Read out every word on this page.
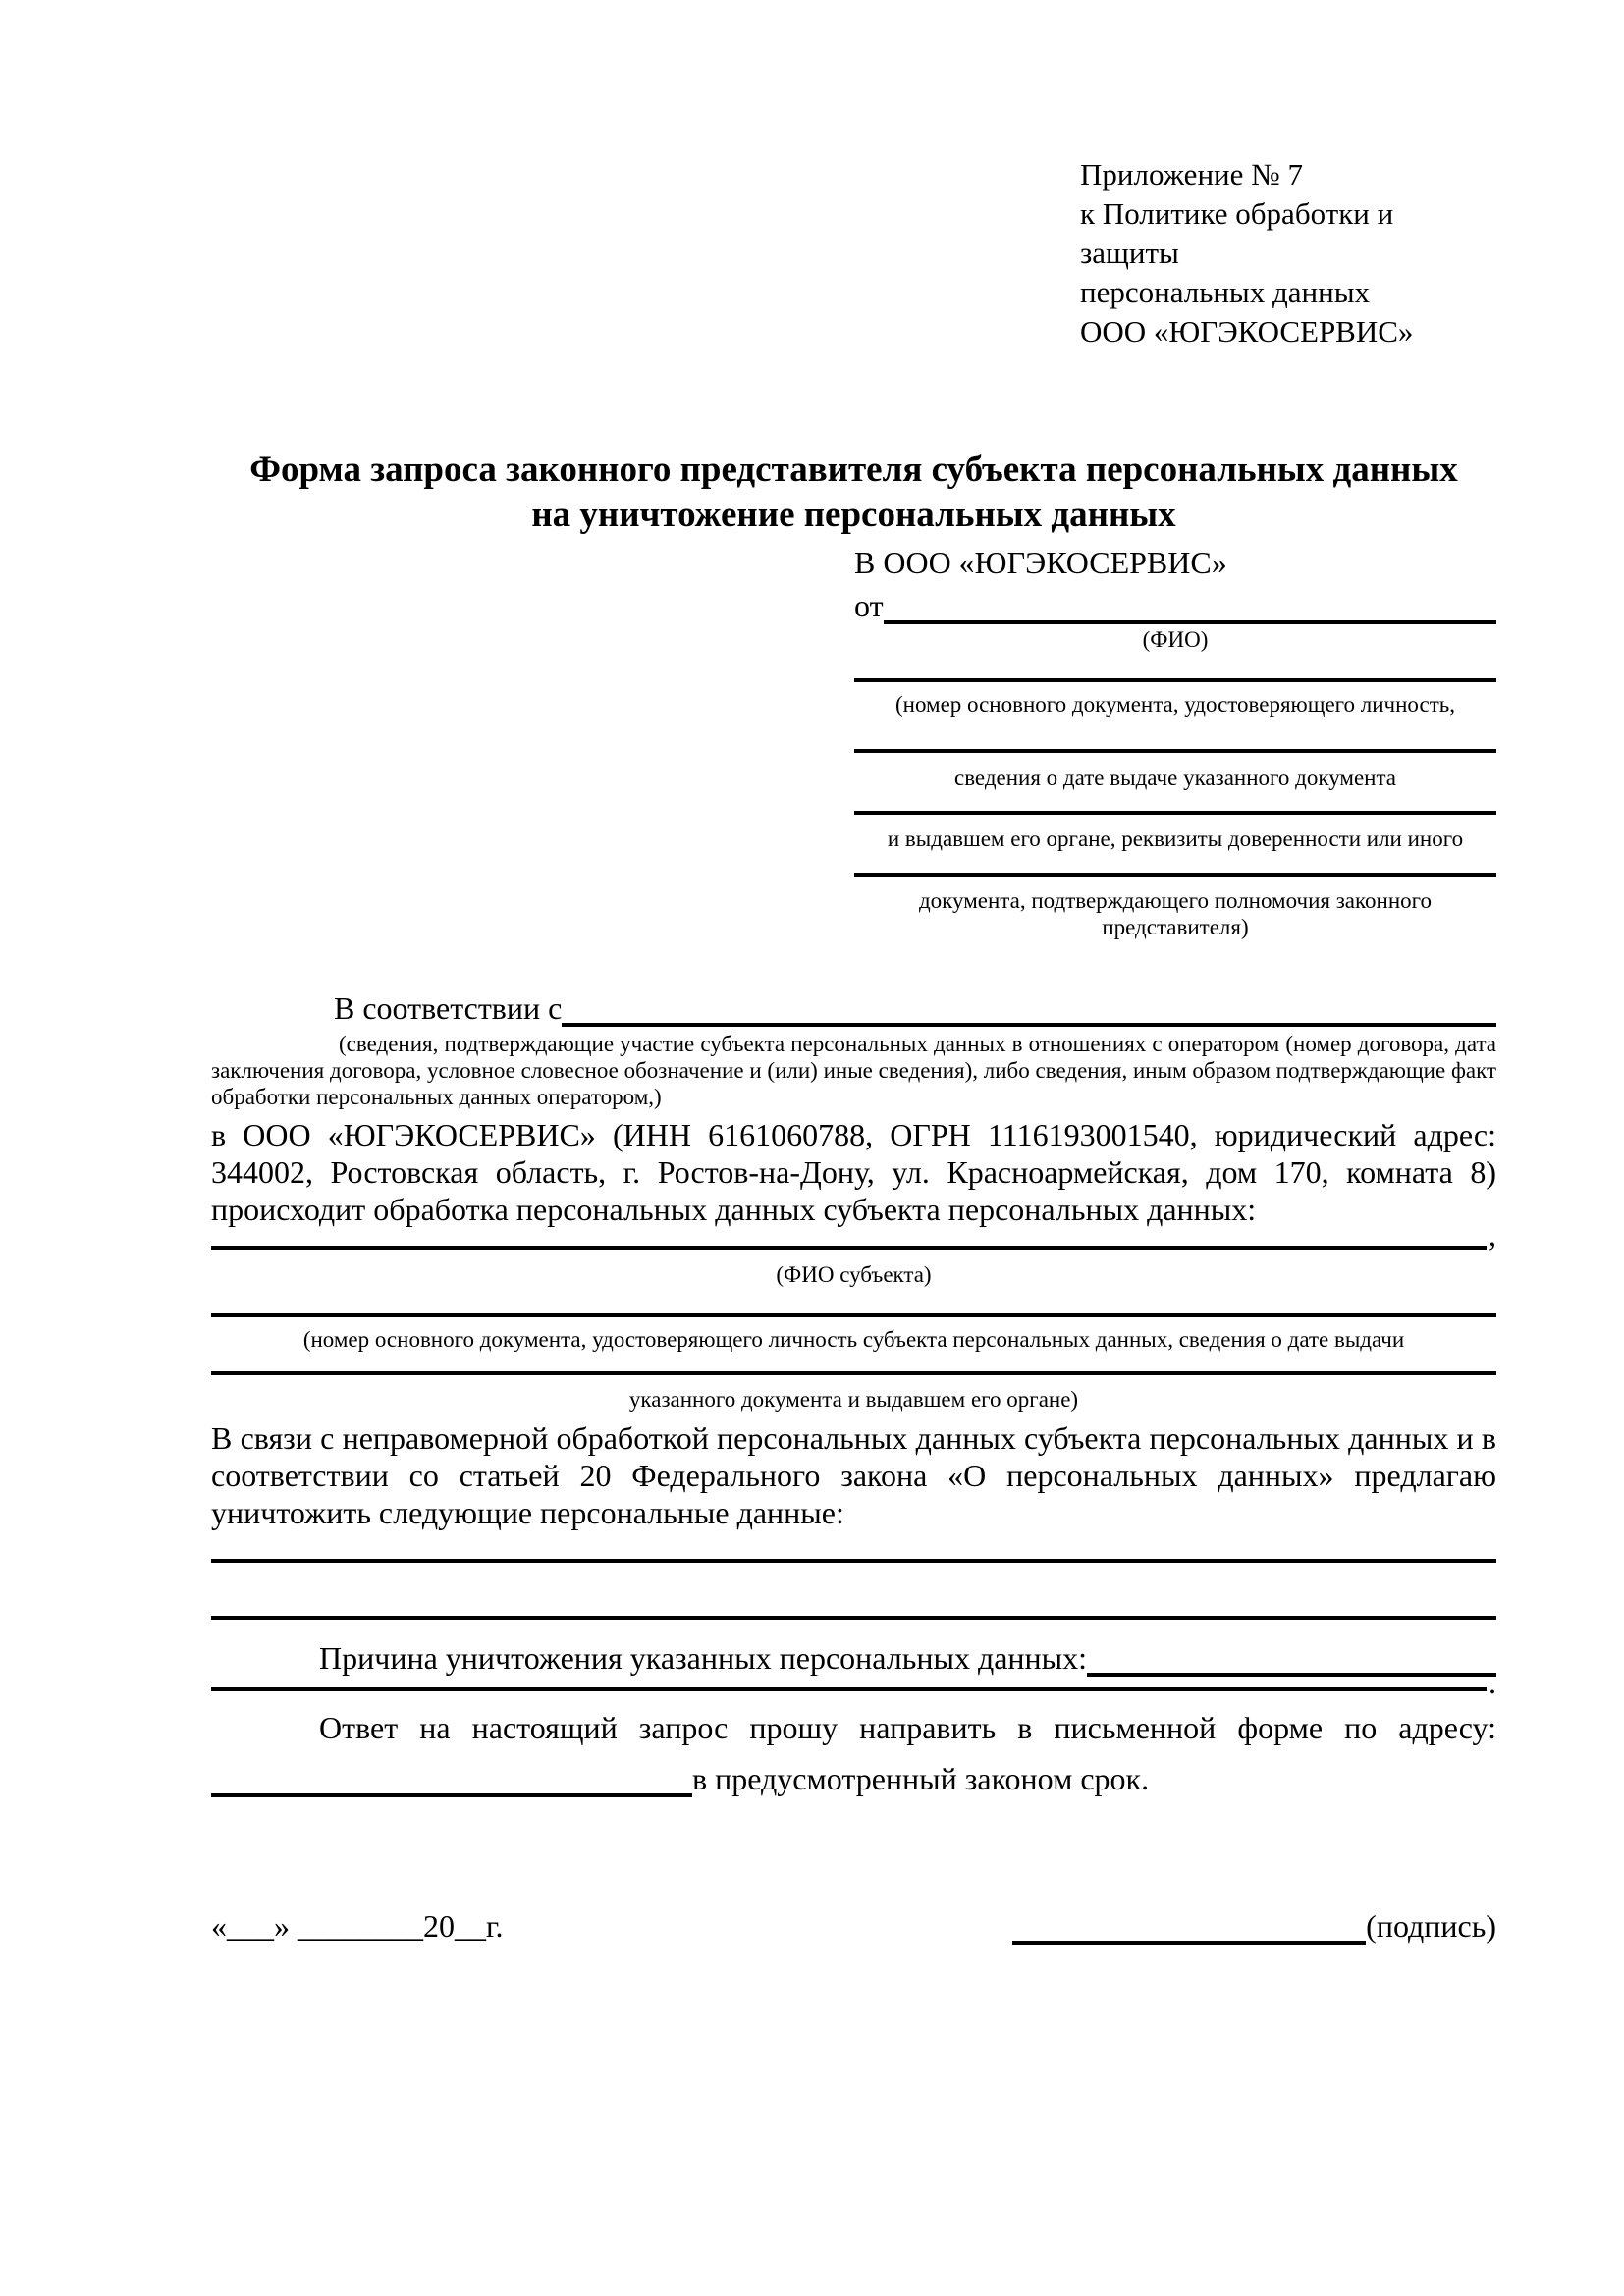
Приложение № 7

к Политике обработки и защиты

персональных данных

ООО «ЮГЭКОСЕРВИС»

Форма запроса законного представителя субъекта персональных данных

на уничтожение персональных данных

В ООО «ЮГЭКОСЕРВИС»

от

(ФИО)

(номер основного документа, удостоверяющего личность,

сведения о дате выдаче указанного документа

и выдавшем его органе, реквизиты доверенности или иного

документа, подтверждающего полномочия законного представителя)

В соответствии с

(сведения, подтверждающие участие субъекта персональных данных в отношениях с оператором (номер договора, дата заключения договора, условное словесное обозначение и (или) иные сведения), либо сведения, иным образом подтверждающие факт обработки персональных данных оператором,)

в ООО «ЮГЭКОСЕРВИС» (ИНН 6161060788, ОГРН 1116193001540, юридический адрес: 344002, Ростовская область, г. Ростов-на-Дону, ул. Красноармейская, дом 170, комната 8) происходит обработка персональных данных субъекта персональных данных:

,

(ФИО субъекта)

(номер основного документа, удостоверяющего личность субъекта персональных данных, сведения о дате выдачи

указанного документа и выдавшем его органе)

В связи с неправомерной обработкой персональных данных субъекта персональных данных и в соответствии со статьей 20 Федерального закона «О персональных данных» предлагаю уничтожить следующие персональные данные:

Причина уничтожения указанных персональных данных:
.

Ответ на настоящий запрос прошу направить в письменной форме по адресу:

в предусмотренный законом срок.
«___» ________20__г.	(подпись)
